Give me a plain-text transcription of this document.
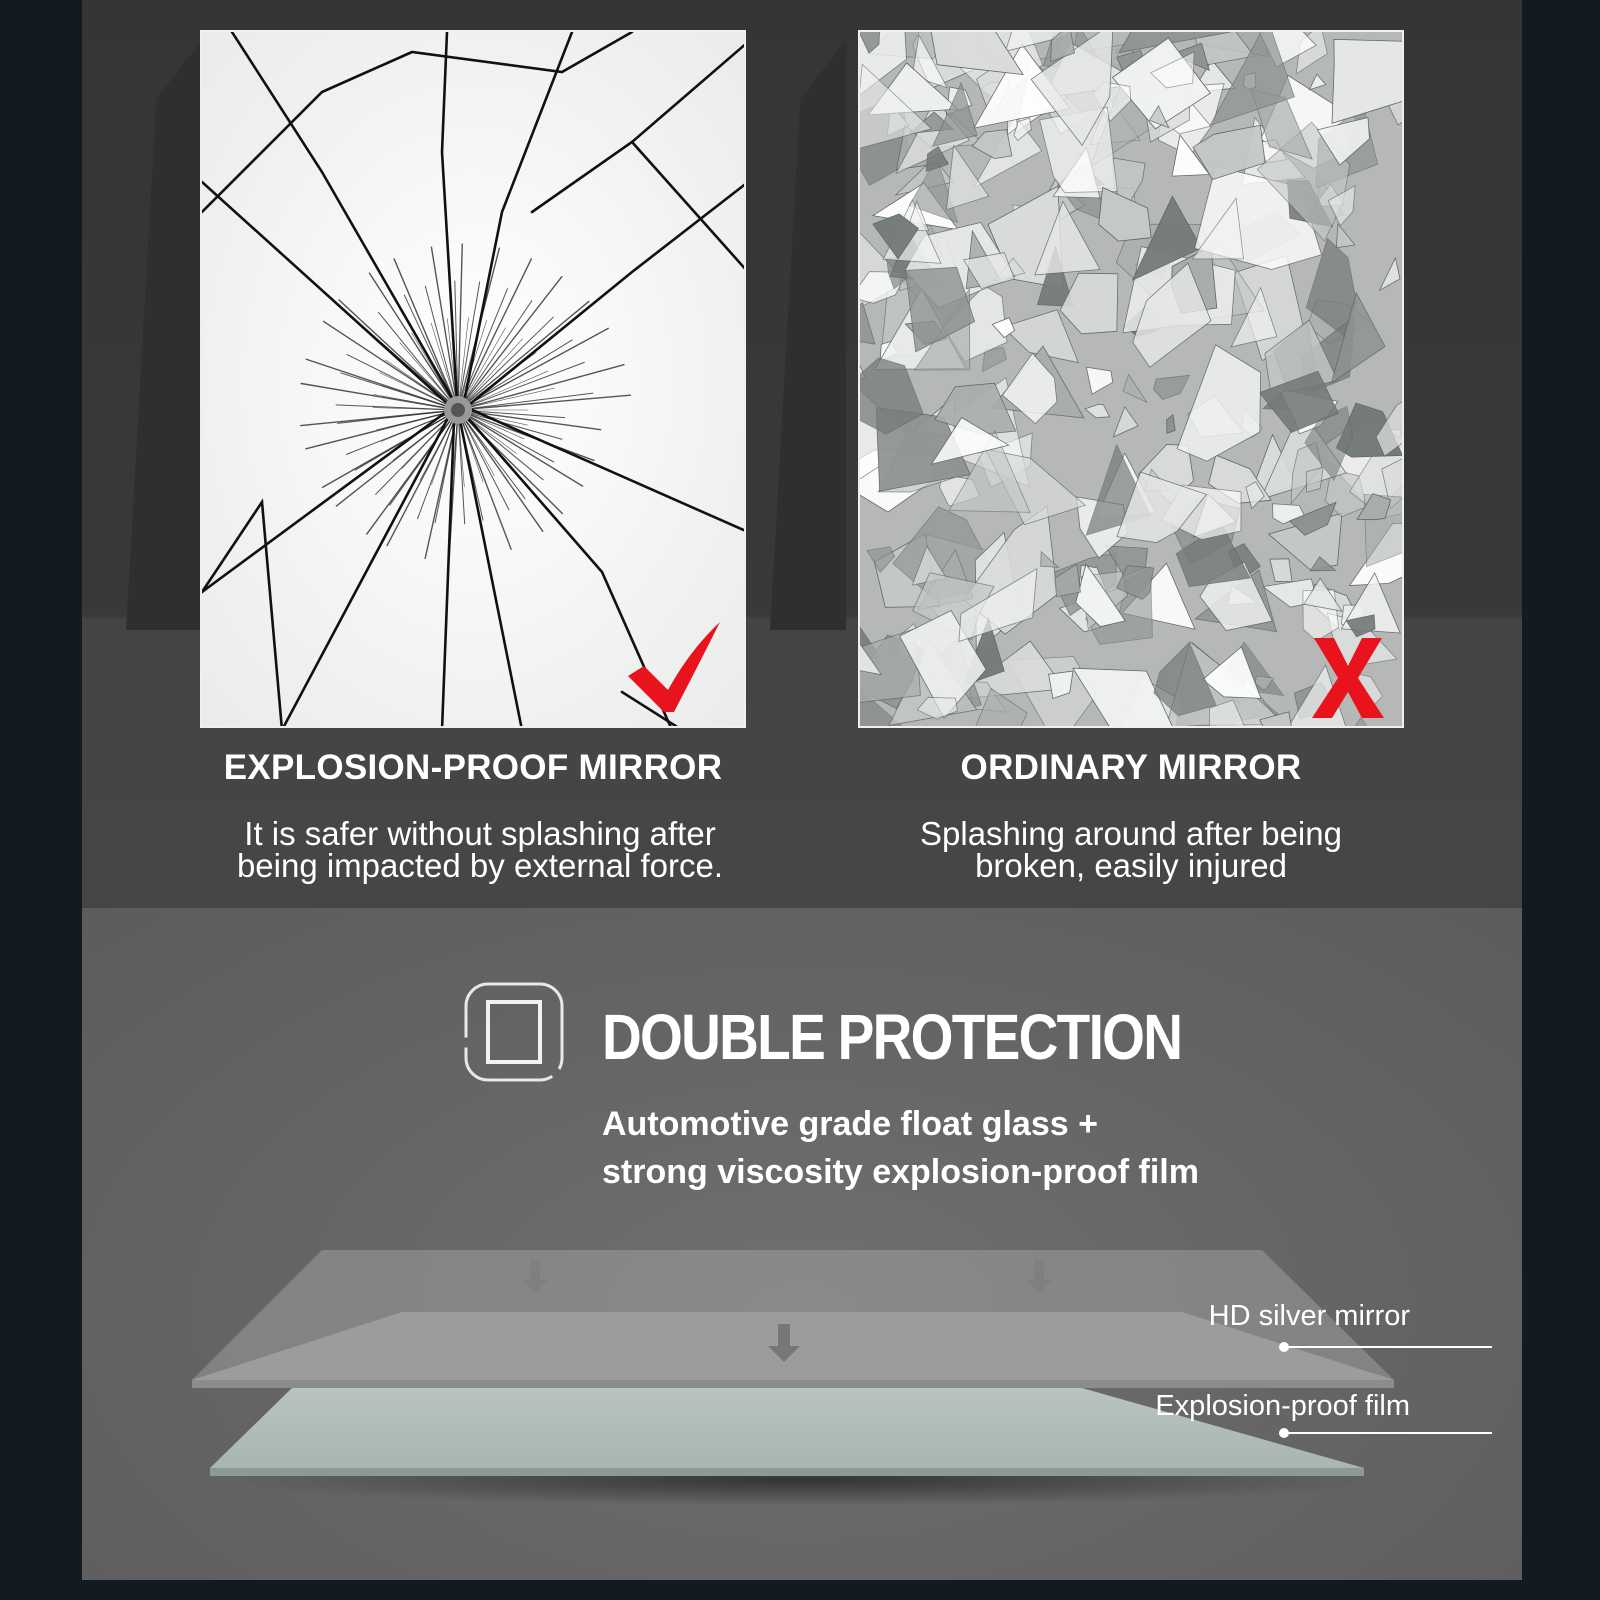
EXPLOSION-PROOF MIRROR
It is safer without splashing after
being impacted by external force.
ORDINARY MIRROR
Splashing around after being
broken, easily injured
DOUBLE PROTECTION
Automotive grade float glass +
strong viscosity explosion-proof film
HD silver mirror
Explosion-proof film
